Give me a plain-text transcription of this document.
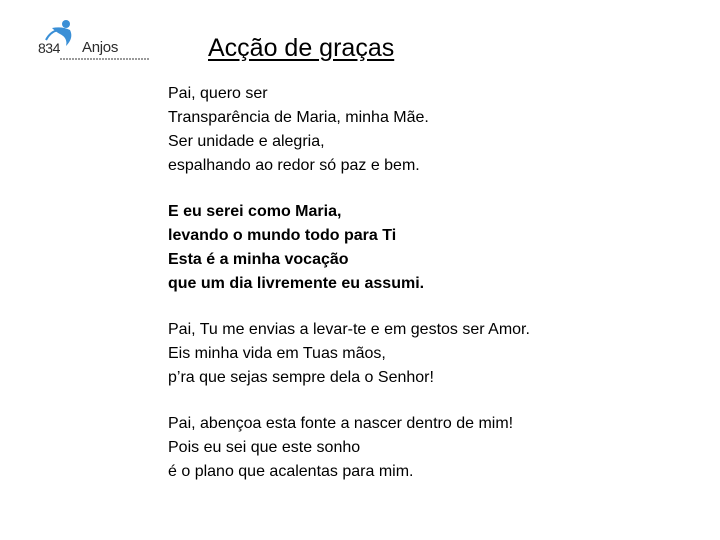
834 Anjos	Acção de graças
Pai, quero ser
Transparência de Maria, minha Mãe.
Ser unidade e alegria,
espalhando ao redor só paz e bem.
E eu serei como Maria,
levando o mundo todo para Ti
Esta é a minha vocação
que um dia livremente eu assumi.
Pai, Tu me envias a levar-te e em gestos ser Amor.
Eis minha vida em Tuas mãos,
p’ra que sejas sempre dela o Senhor!
Pai, abençoa esta fonte a nascer dentro de mim!
Pois eu sei que este sonho
é o plano que acalentas para mim.
